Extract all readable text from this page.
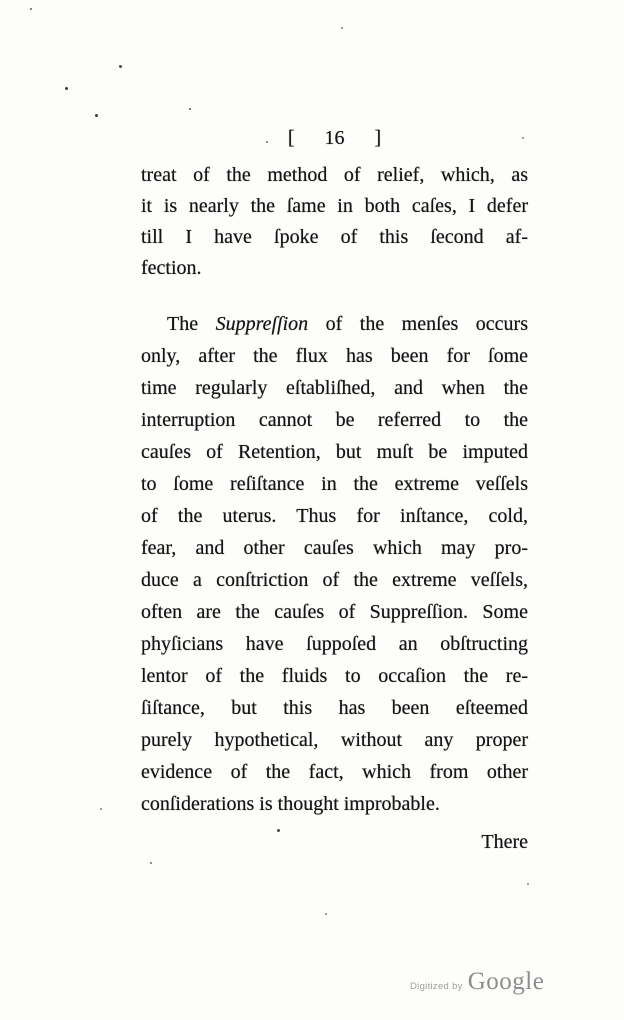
[ 16 ]
treat of the method of relief, which, as
it is nearly the ſame in both caſes, I defer
till I have ſpoke of this ſecond af-
fection.
The Suppreſſion of the menſes occurs
only, after the flux has been for ſome
time regularly eſtabliſhed, and when the
interruption cannot be referred to the
cauſes of Retention, but muſt be imputed
to ſome reſiſtance in the extreme veſſels
of the uterus. Thus for inſtance, cold,
fear, and other cauſes which may pro-
duce a conſtriction of the extreme veſſels,
often are the cauſes of Suppreſſion. Some
phyſicians have ſuppoſed an obſtructing
lentor of the fluids to occaſion the re-
ſiſtance, but this has been eſteemed
purely hypothetical, without any proper
evidence of the fact, which from other
conſiderations is thought improbable.
There
Digitized by Google
